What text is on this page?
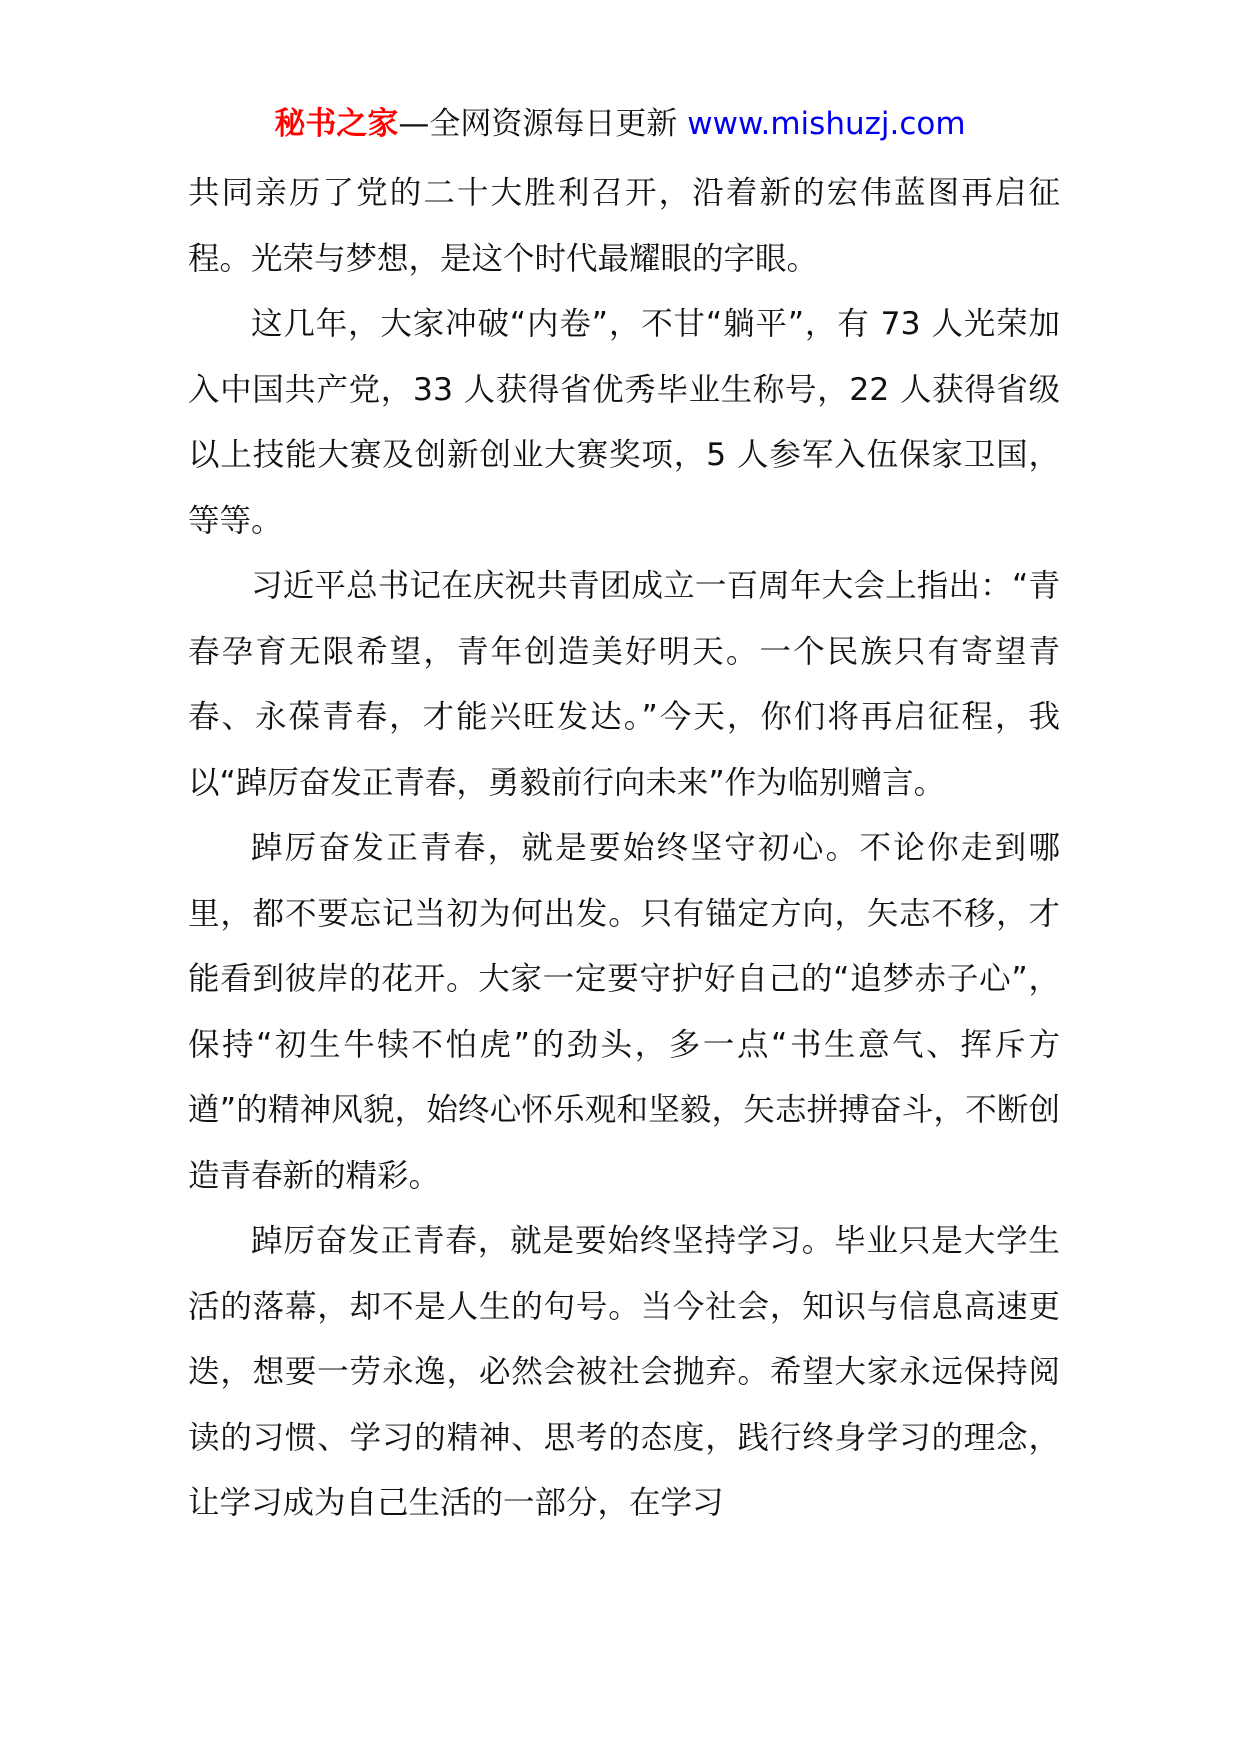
秘书之家—全网资源每日更新 www.mishuzj.com

共同亲历了党的二十大胜利召开，沿着新的宏伟蓝图再启征程。光荣与梦想，是这个时代最耀眼的字眼。

这几年，大家冲破“内卷”，不甘“躺平”，有 73 人光荣加入中国共产党，33 人获得省优秀毕业生称号，22 人获得省级以上技能大赛及创新创业大赛奖项，5 人参军入伍保家卫国，等等。

习近平总书记在庆祝共青团成立一百周年大会上指出：“青春孕育无限希望，青年创造美好明天。一个民族只有寄望青春、永葆青春，才能兴旺发达。”今天，你们将再启征程，我以“踔厉奋发正青春，勇毅前行向未来”作为临别赠言。

踔厉奋发正青春，就是要始终坚守初心。不论你走到哪里，都不要忘记当初为何出发。只有锚定方向，矢志不移，才能看到彼岸的花开。大家一定要守护好自己的“追梦赤子心”，保持“初生牛犊不怕虎”的劲头，多一点“书生意气、挥斥方遒”的精神风貌，始终心怀乐观和坚毅，矢志拼搏奋斗，不断创造青春新的精彩。

踔厉奋发正青春，就是要始终坚持学习。毕业只是大学生活的落幕，却不是人生的句号。当今社会，知识与信息高速更迭，想要一劳永逸，必然会被社会抛弃。希望大家永远保持阅读的习惯、学习的精神、思考的态度，践行终身学习的理念，让学习成为自己生活的一部分，在学习
